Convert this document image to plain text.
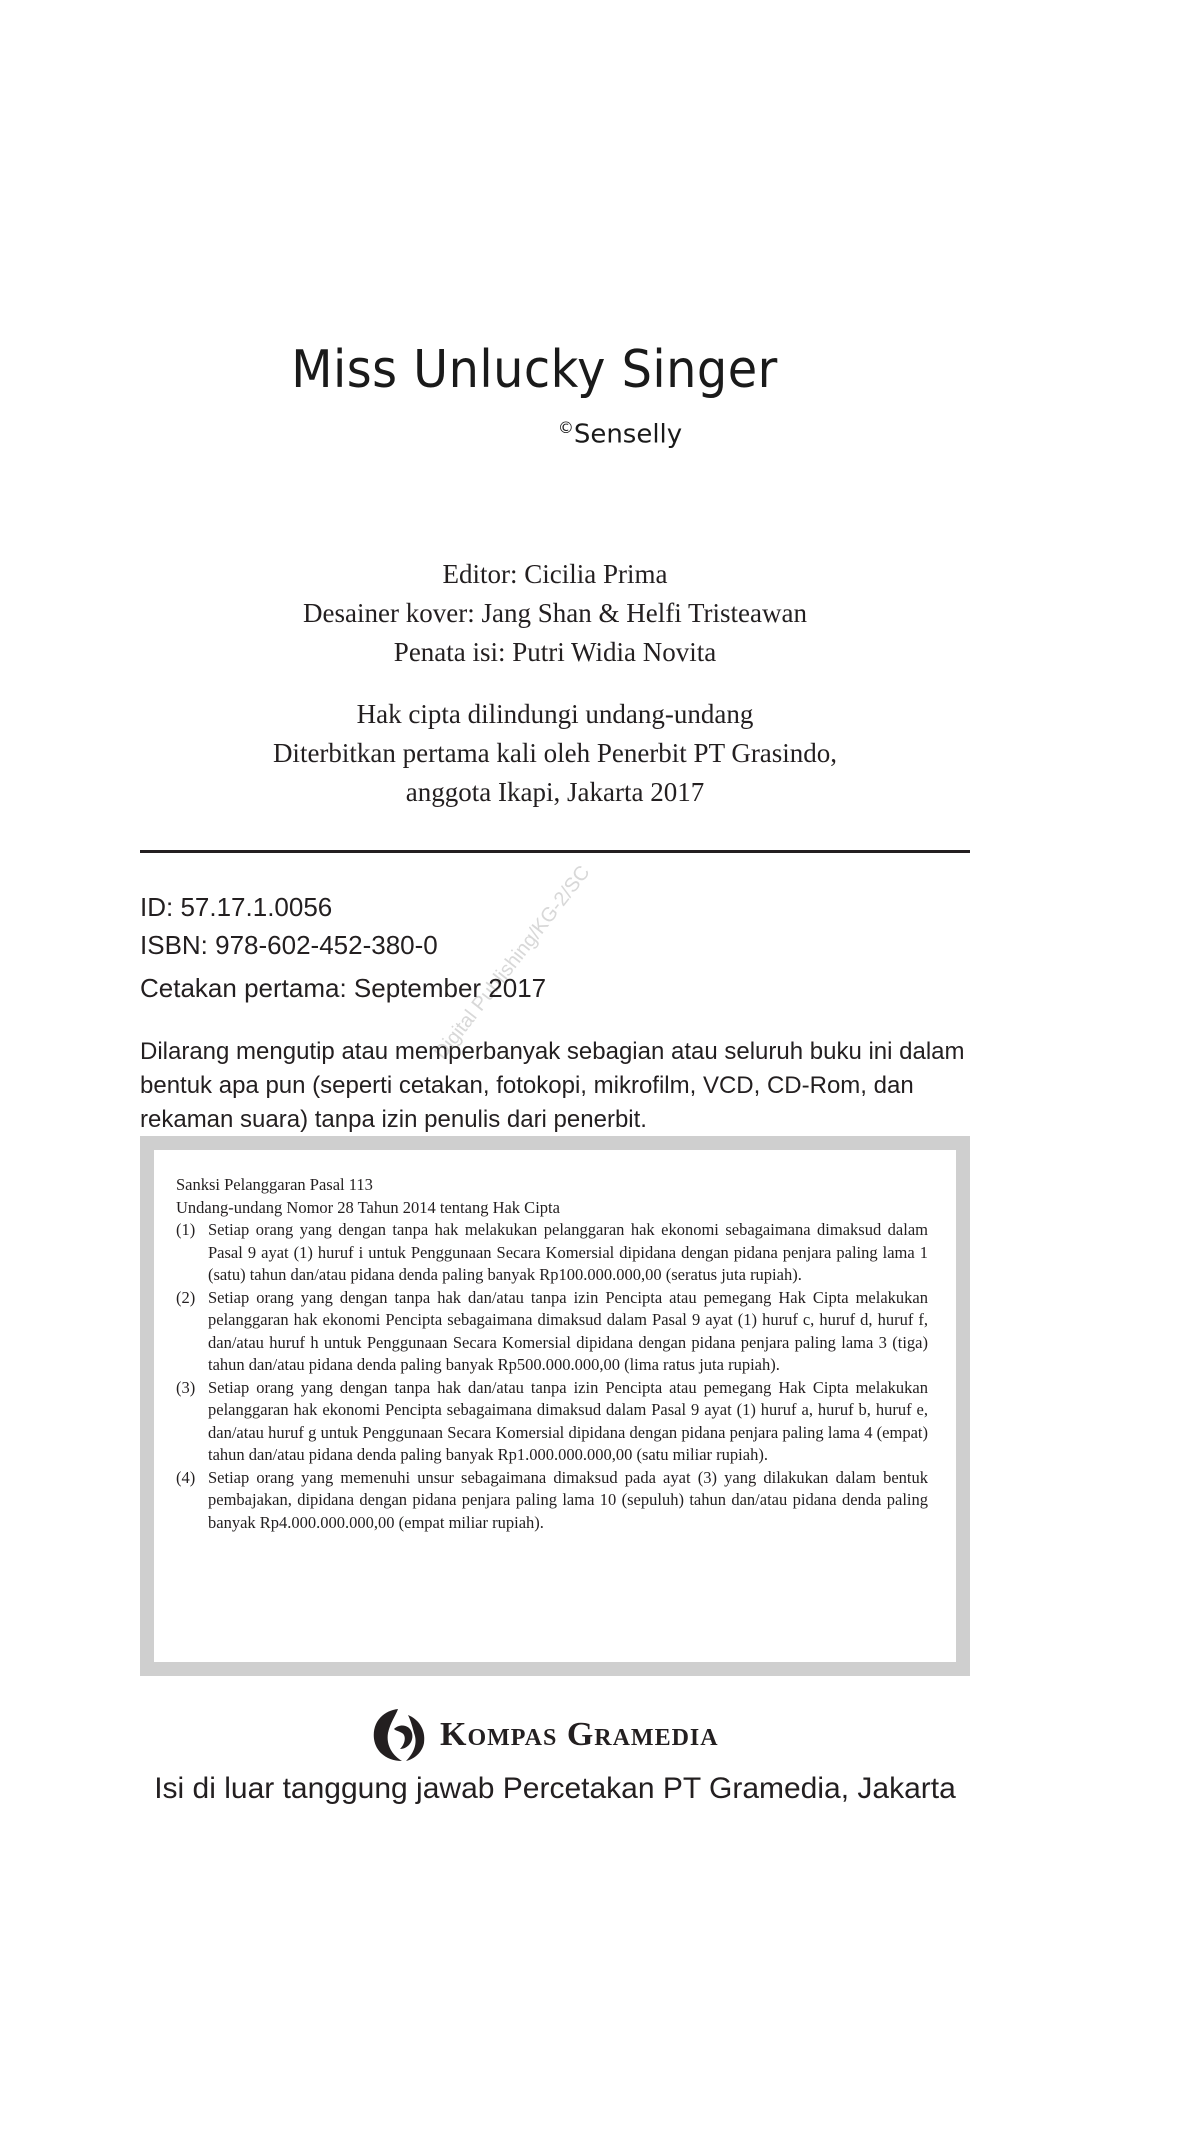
Miss Unlucky Singer
©Senselly
Editor: Cicilia Prima
Desainer kover: Jang Shan & Helfi Tristeawan
Penata isi: Putri Widia Novita
Hak cipta dilindungi undang-undang
Diterbitkan pertama kali oleh Penerbit PT Grasindo,
anggota Ikapi, Jakarta 2017
Digital Publishing/KG-2/SC
ID: 57.17.1.0056
ISBN: 978-602-452-380-0
Cetakan pertama: September 2017
Dilarang mengutip atau memperbanyak sebagian atau seluruh buku ini dalam bentuk apa pun (seperti cetakan, fotokopi, mikrofilm, VCD, CD-Rom, dan rekaman suara) tanpa izin penulis dari penerbit.
Sanksi Pelanggaran Pasal 113
Undang-undang Nomor 28 Tahun 2014 tentang Hak Cipta
(1) Setiap orang yang dengan tanpa hak melakukan pelanggaran hak ekonomi sebagaimana dimaksud dalam Pasal 9 ayat (1) huruf i untuk Penggunaan Secara Komersial dipidana dengan pidana penjara paling lama 1 (satu) tahun dan/atau pidana denda paling banyak Rp100.000.000,00 (seratus juta rupiah).
(2) Setiap orang yang dengan tanpa hak dan/atau tanpa izin Pencipta atau pemegang Hak Cipta melakukan pelanggaran hak ekonomi Pencipta sebagaimana dimaksud dalam Pasal 9 ayat (1) huruf c, huruf d, huruf f, dan/atau huruf h untuk Penggunaan Secara Komersial dipidana dengan pidana penjara paling lama 3 (tiga) tahun dan/atau pidana denda paling banyak Rp500.000.000,00 (lima ratus juta rupiah).
(3) Setiap orang yang dengan tanpa hak dan/atau tanpa izin Pencipta atau pemegang Hak Cipta melakukan pelanggaran hak ekonomi Pencipta sebagaimana dimaksud dalam Pasal 9 ayat (1) huruf a, huruf b, huruf e, dan/atau huruf g untuk Penggunaan Secara Komersial dipidana dengan pidana penjara paling lama 4 (empat) tahun dan/atau pidana denda paling banyak Rp1.000.000.000,00 (satu miliar rupiah).
(4) Setiap orang yang memenuhi unsur sebagaimana dimaksud pada ayat (3) yang dilakukan dalam bentuk pembajakan, dipidana dengan pidana penjara paling lama 10 (sepuluh) tahun dan/atau pidana denda paling banyak Rp4.000.000.000,00 (empat miliar rupiah).
Kompas Gramedia
Isi di luar tanggung jawab Percetakan PT Gramedia, Jakarta
